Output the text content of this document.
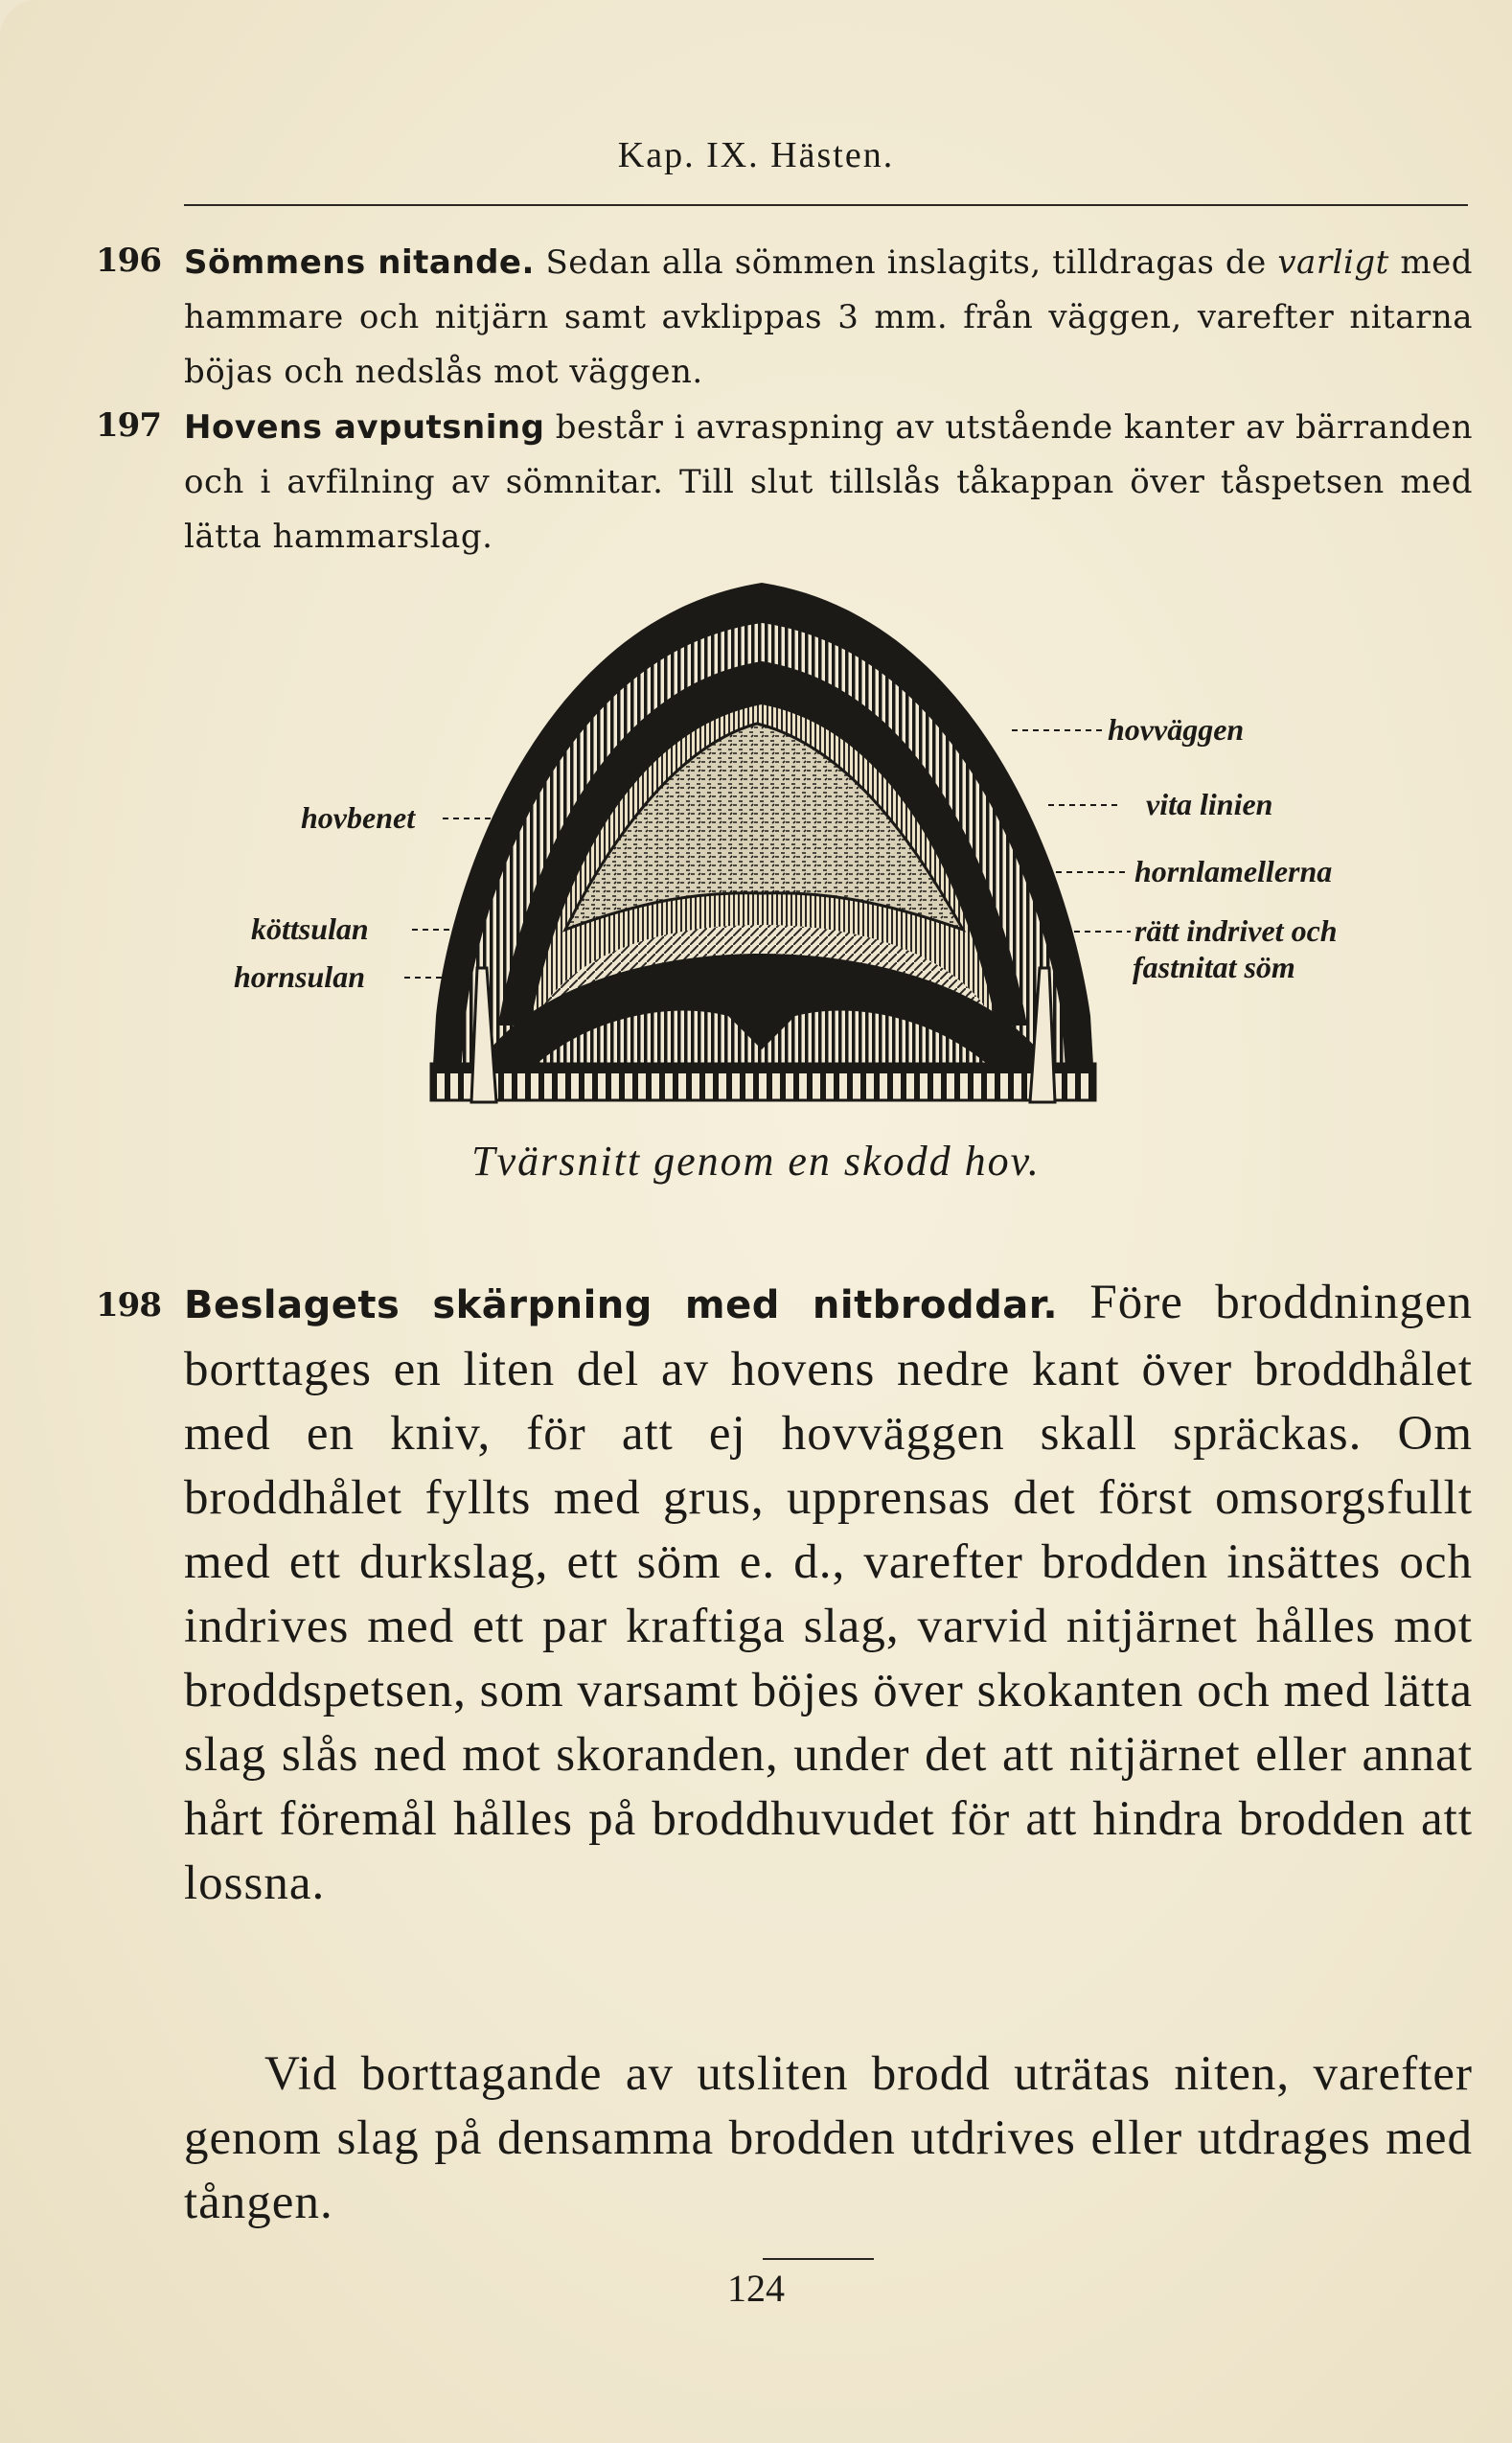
Kap. IX. Hästen.
196 Sömmens nitande. Sedan alla sömmen inslagits, tilldragas de varligt med hammare och nitjärn samt avklippas 3 mm. från väggen, varefter nitarna böjas och nedslås mot väggen.
197 Hovens avputsning består i avraspning av utstående kanter av bärranden och i avfilning av sömnitar. Till slut tillslås tåkappan över tåspetsen med lätta hammarslag.
hovväggen
vita linien
hornlamellerna
rätt indrivet och
fastnitat söm
hovbenet
köttsulan
hornsulan
Tvärsnitt genom en skodd hov.
198 Beslagets skärpning med nitbroddar. Före broddningen borttages en liten del av hovens nedre kant över broddhålet med en kniv, för att ej hovväggen skall spräckas. Om broddhålet fyllts med grus, upprensas det först omsorgsfullt med ett durkslag, ett söm e. d., varefter brodden insättes och indrives med ett par kraftiga slag, varvid nitjärnet hålles mot broddspetsen, som varsamt böjes över skokanten och med lätta slag slås ned mot skoranden, under det att nitjärnet eller annat hårt föremål hålles på broddhuvudet för att hindra brodden att lossna.
Vid borttagande av utsliten brodd uträtas niten, varefter genom slag på densamma brodden utdrives eller utdrages med tången.
124
